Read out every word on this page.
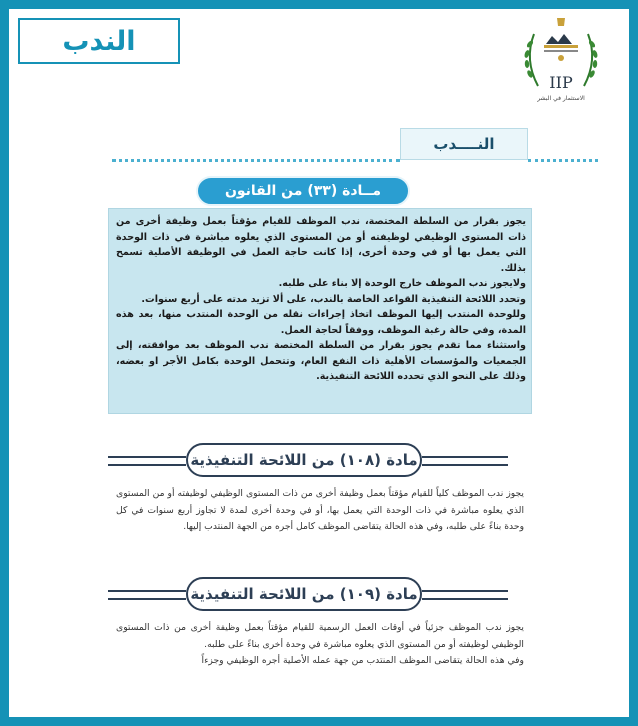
الندب
IIP
الاستثمار في البشر
النــــدب
مــادة (٣٣) من القانون

يجوز بقرار من السلطة المختصة، ندب الموظف للقيام مؤقتاً بعمل وظيفة أخرى من ذات المستوى الوظيفي لوظيفته أو من المستوى الذي يعلوه مباشرة في ذات الوحدة التي يعمل بها أو في وحدة أخرى، إذا كانت حاجة العمل في الوظيفة الأصلية تسمح بذلك.

ولايجوز ندب الموظف خارج الوحدة إلا بناء على طلبه.

وتحدد اللائحة التنفيذية القواعد الخاصة بالندب، على ألا تزيد مدته على أربع سنوات.

وللوحدة المنتدب إليها الموظف اتخاذ إجراءات نقله من الوحدة المنتدب منها، بعد هذه المدة، وفي حالة رغبة الموظف، ووفقاً لحاجة العمل.

واستثناء مما تقدم يجوز بقرار من السلطة المختصة ندب الموظف بعد موافقته، إلى الجمعيات والمؤسسات الأهلية ذات النفع العام، وتتحمل الوحدة بكامل الأجر او بعضه، وذلك على النحو الذي تحدده اللائحة التنفيذية.

مادة (١٠٨) من اللائحة التنفيذية

يجوز ندب الموظف كلياً للقيام مؤقتاً بعمل وظيفة أخرى من ذات المستوى الوظيفي لوظيفته أو من المستوى الذي يعلوه مباشرة في ذات الوحدة التي يعمل بها، أو في وحدة أخرى لمدة لا تجاوز أربع سنوات في كل وحدة بناءً على طلبه، وفي هذه الحالة يتقاضى الموظف كامل أجره من الجهة المنتدب إليها.

مادة (١٠٩) من اللائحة التنفيذية

يجوز ندب الموظف جزئياً في أوقات العمل الرسمية للقيام مؤقتاً بعمل وظيفة أخرى من ذات المستوى الوظيفي لوظيفته أو من المستوى الذي يعلوه مباشرة في وحدة أخرى بناءً على طلبه.

وفي هذه الحالة يتقاضى الموظف المنتدب من جهة عمله الأصلية أجره الوظيفي وجزءاً
